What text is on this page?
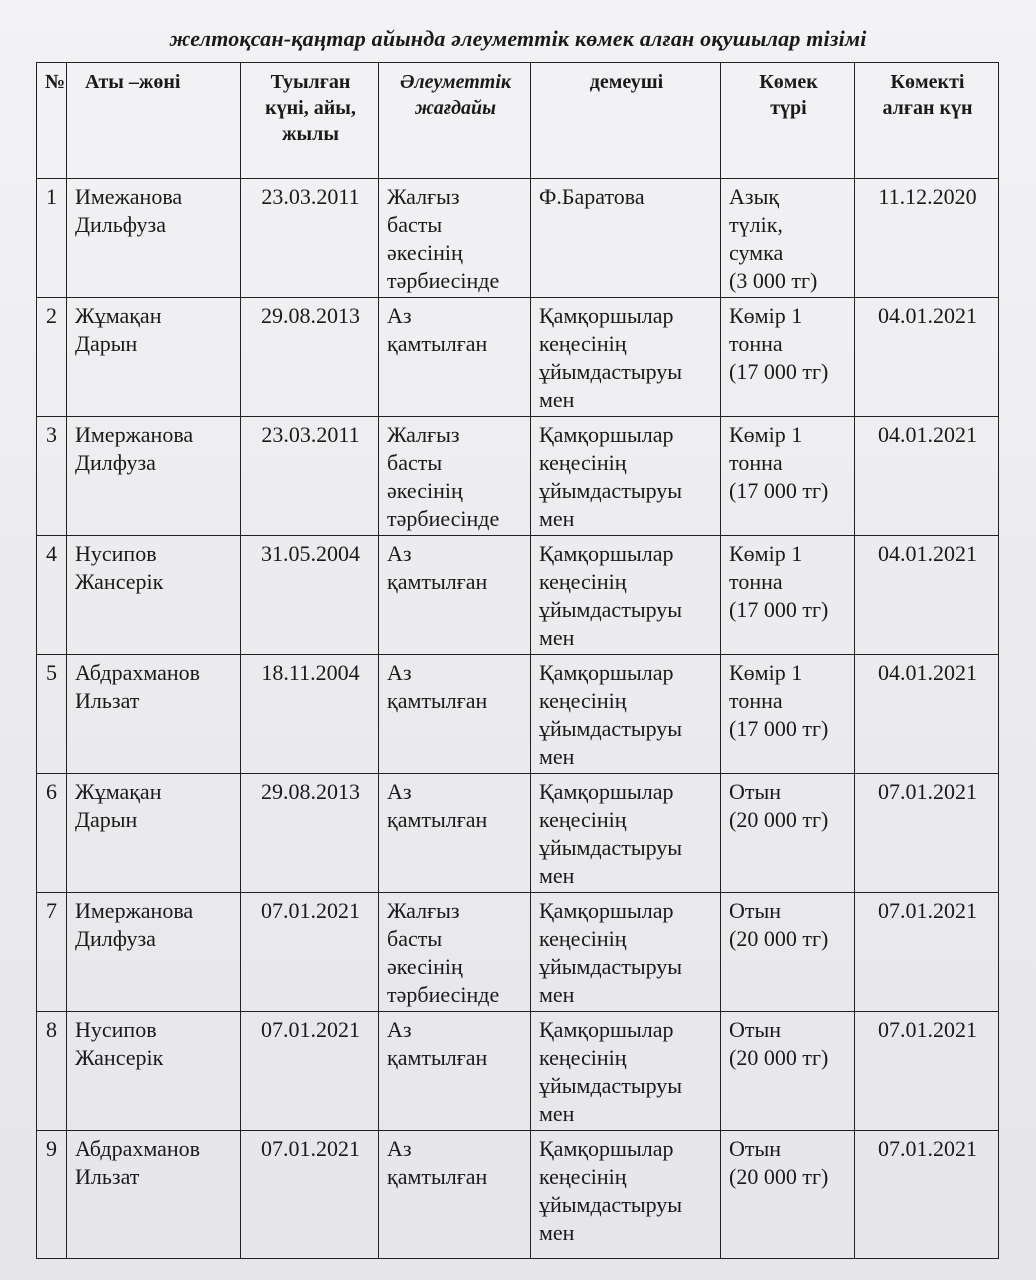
желтоқсан-қаңтар айында әлеуметтік көмек алған оқушылар тізімі
№	Аты –жөні	Туылған
күні, айы,
жылы	Әлеуметтік
жағдайы	демеуші	Көмек
түрі	Көмекті
алған күн

1	Имежанова
Дильфуза	23.03.2011	Жалғыз
басты
әкесінің
тәрбиесінде	Ф.Баратова	Азық
түлік,
сумка
(3 000 тг)	11.12.2020
2	Жұмақан
Дарын	29.08.2013	Аз
қамтылған	Қамқоршылар
кеңесінің
ұйымдастыруы
мен	Көмір 1
тонна
(17 000 тг)	04.01.2021
3	Имержанова
Дилфуза	23.03.2011	Жалғыз
басты
әкесінің
тәрбиесінде	Қамқоршылар
кеңесінің
ұйымдастыруы
мен	Көмір 1
тонна
(17 000 тг)	04.01.2021
4	Нусипов
Жансерік	31.05.2004	Аз
қамтылған	Қамқоршылар
кеңесінің
ұйымдастыруы
мен	Көмір 1
тонна
(17 000 тг)	04.01.2021
5	Абдрахманов
Ильзат	18.11.2004	Аз
қамтылған	Қамқоршылар
кеңесінің
ұйымдастыруы
мен	Көмір 1
тонна
(17 000 тг)	04.01.2021
6	Жұмақан
Дарын	29.08.2013	Аз
қамтылған	Қамқоршылар
кеңесінің
ұйымдастыруы
мен	Отын
(20 000 тг)	07.01.2021
7	Имержанова
Дилфуза	07.01.2021	Жалғыз
басты
әкесінің
тәрбиесінде	Қамқоршылар
кеңесінің
ұйымдастыруы
мен	Отын
(20 000 тг)	07.01.2021
8	Нусипов
Жансерік	07.01.2021	Аз
қамтылған	Қамқоршылар
кеңесінің
ұйымдастыруы
мен	Отын
(20 000 тг)	07.01.2021
9	Абдрахманов
Ильзат	07.01.2021	Аз
қамтылған	Қамқоршылар
кеңесінің
ұйымдастыруы
мен	Отын
(20 000 тг)	07.01.2021
